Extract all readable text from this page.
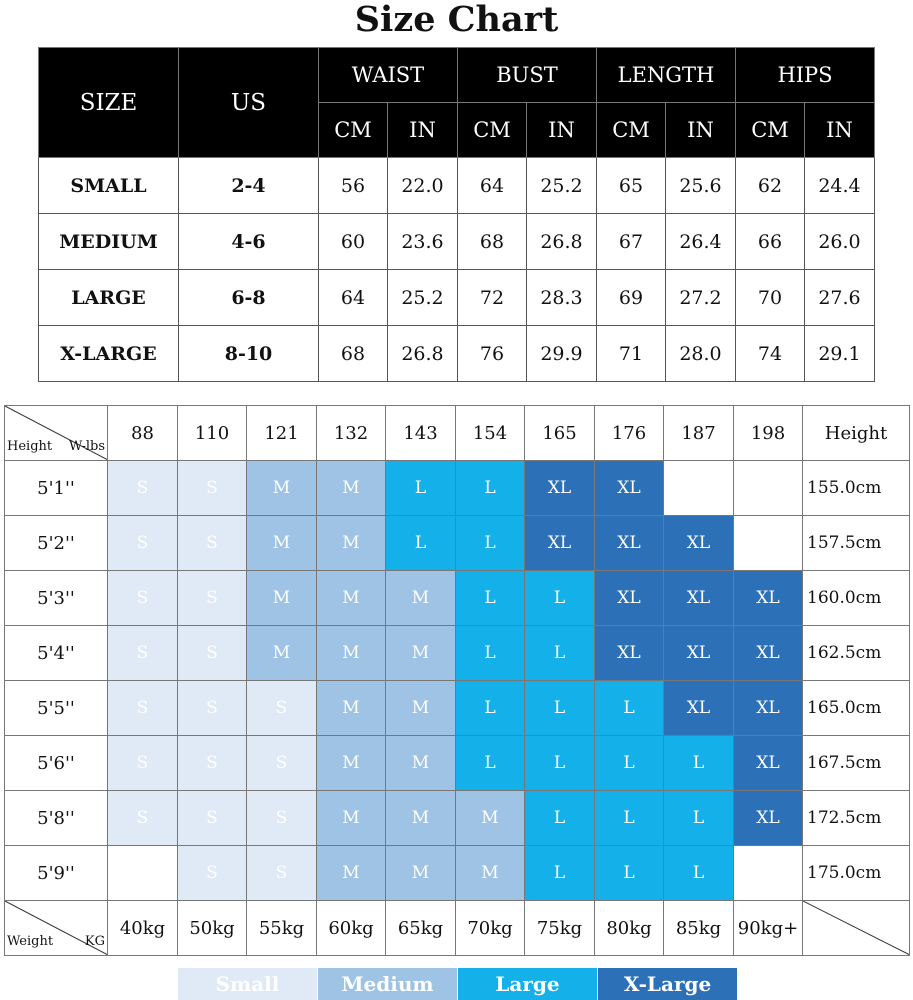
Size Chart
SIZE	US	WAIST		BUST		LENGTH		HIPS	
		CM	IN	CM	IN	CM	IN	CM	IN
SMALL	2-4	56	22.0	64	25.2	65	25.6	62	24.4
MEDIUM	4-6	60	23.6	68	26.8	67	26.4	66	26.0
LARGE	6-8	64	25.2	72	28.3	69	27.2	70	27.6
X-LARGE	8-10	68	26.8	76	29.9	71	28.0	74	29.1
Height W-lbs	88	110	121	132	143	154	165	176	187	198	Height
5'1''	S	S	M	M	L	L	XL	XL			155.0cm
5'2''	S	S	M	M	L	L	XL	XL	XL		157.5cm
5'3''	S	S	M	M	M	L	L	XL	XL	XL	160.0cm
5'4''	S	S	M	M	M	L	L	XL	XL	XL	162.5cm
5'5''	S	S	S	M	M	L	L	L	XL	XL	165.0cm
5'6''	S	S	S	M	M	L	L	L	L	XL	167.5cm
5'8''	S	S	S	M	M	M	L	L	L	XL	172.5cm
5'9''		S	S	M	M	M	L	L	L		175.0cm

Weight KG	40kg	50kg	55kg	60kg	65kg	70kg	75kg	80kg	85kg	90kg+	
Small	Medium	Large	X-Large
